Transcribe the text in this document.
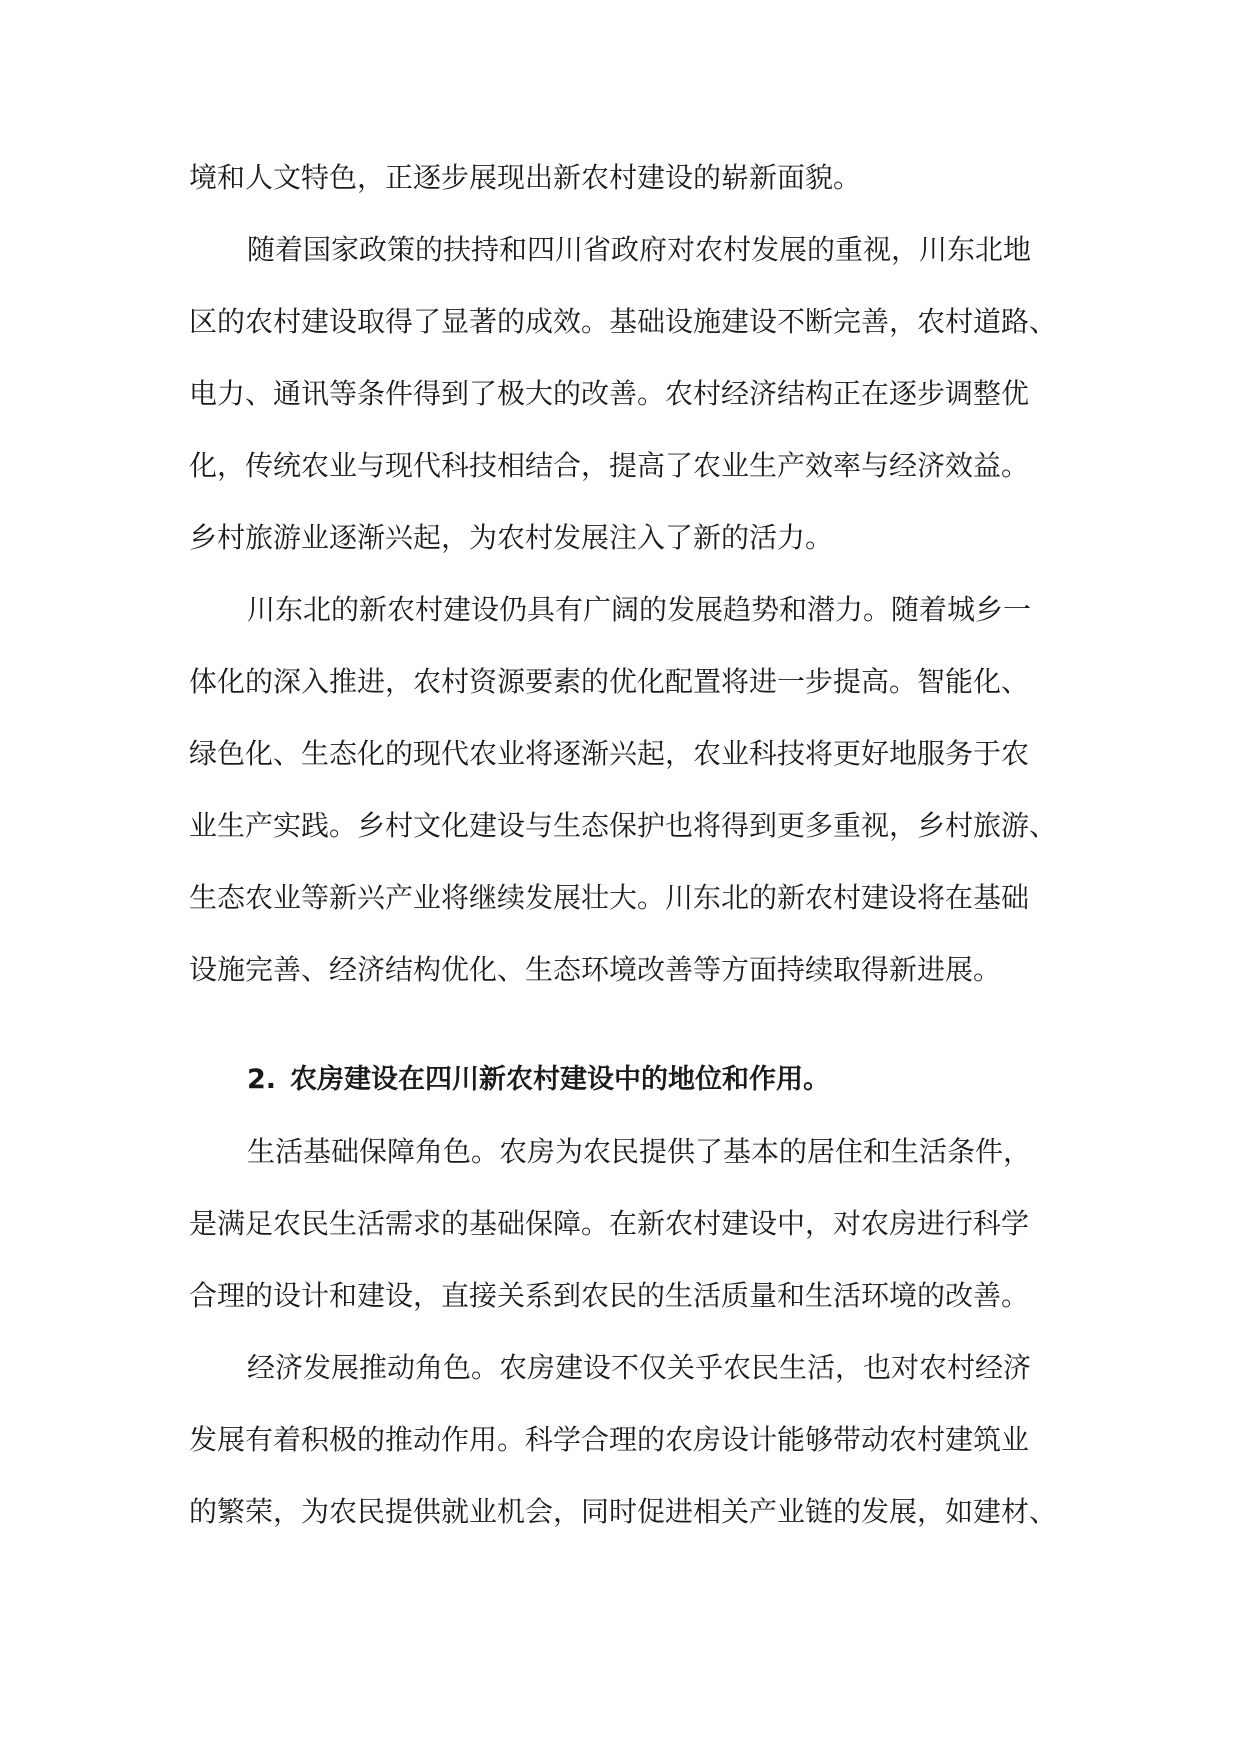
境和人文特色，正逐步展现出新农村建设的崭新面貌。
随着国家政策的扶持和四川省政府对农村发展的重视，川东北地
区的农村建设取得了显著的成效。基础设施建设不断完善，农村道路、
电力、通讯等条件得到了极大的改善。农村经济结构正在逐步调整优
化，传统农业与现代科技相结合，提高了农业生产效率与经济效益。
乡村旅游业逐渐兴起，为农村发展注入了新的活力。
川东北的新农村建设仍具有广阔的发展趋势和潜力。随着城乡一
体化的深入推进，农村资源要素的优化配置将进一步提高。智能化、
绿色化、生态化的现代农业将逐渐兴起，农业科技将更好地服务于农
业生产实践。乡村文化建设与生态保护也将得到更多重视，乡村旅游、
生态农业等新兴产业将继续发展壮大。川东北的新农村建设将在基础
设施完善、经济结构优化、生态环境改善等方面持续取得新进展。
2. 农房建设在四川新农村建设中的地位和作用。
生活基础保障角色。农房为农民提供了基本的居住和生活条件，
是满足农民生活需求的基础保障。在新农村建设中，对农房进行科学
合理的设计和建设，直接关系到农民的生活质量和生活环境的改善。
经济发展推动角色。农房建设不仅关乎农民生活，也对农村经济
发展有着积极的推动作用。科学合理的农房设计能够带动农村建筑业
的繁荣，为农民提供就业机会，同时促进相关产业链的发展，如建材、
